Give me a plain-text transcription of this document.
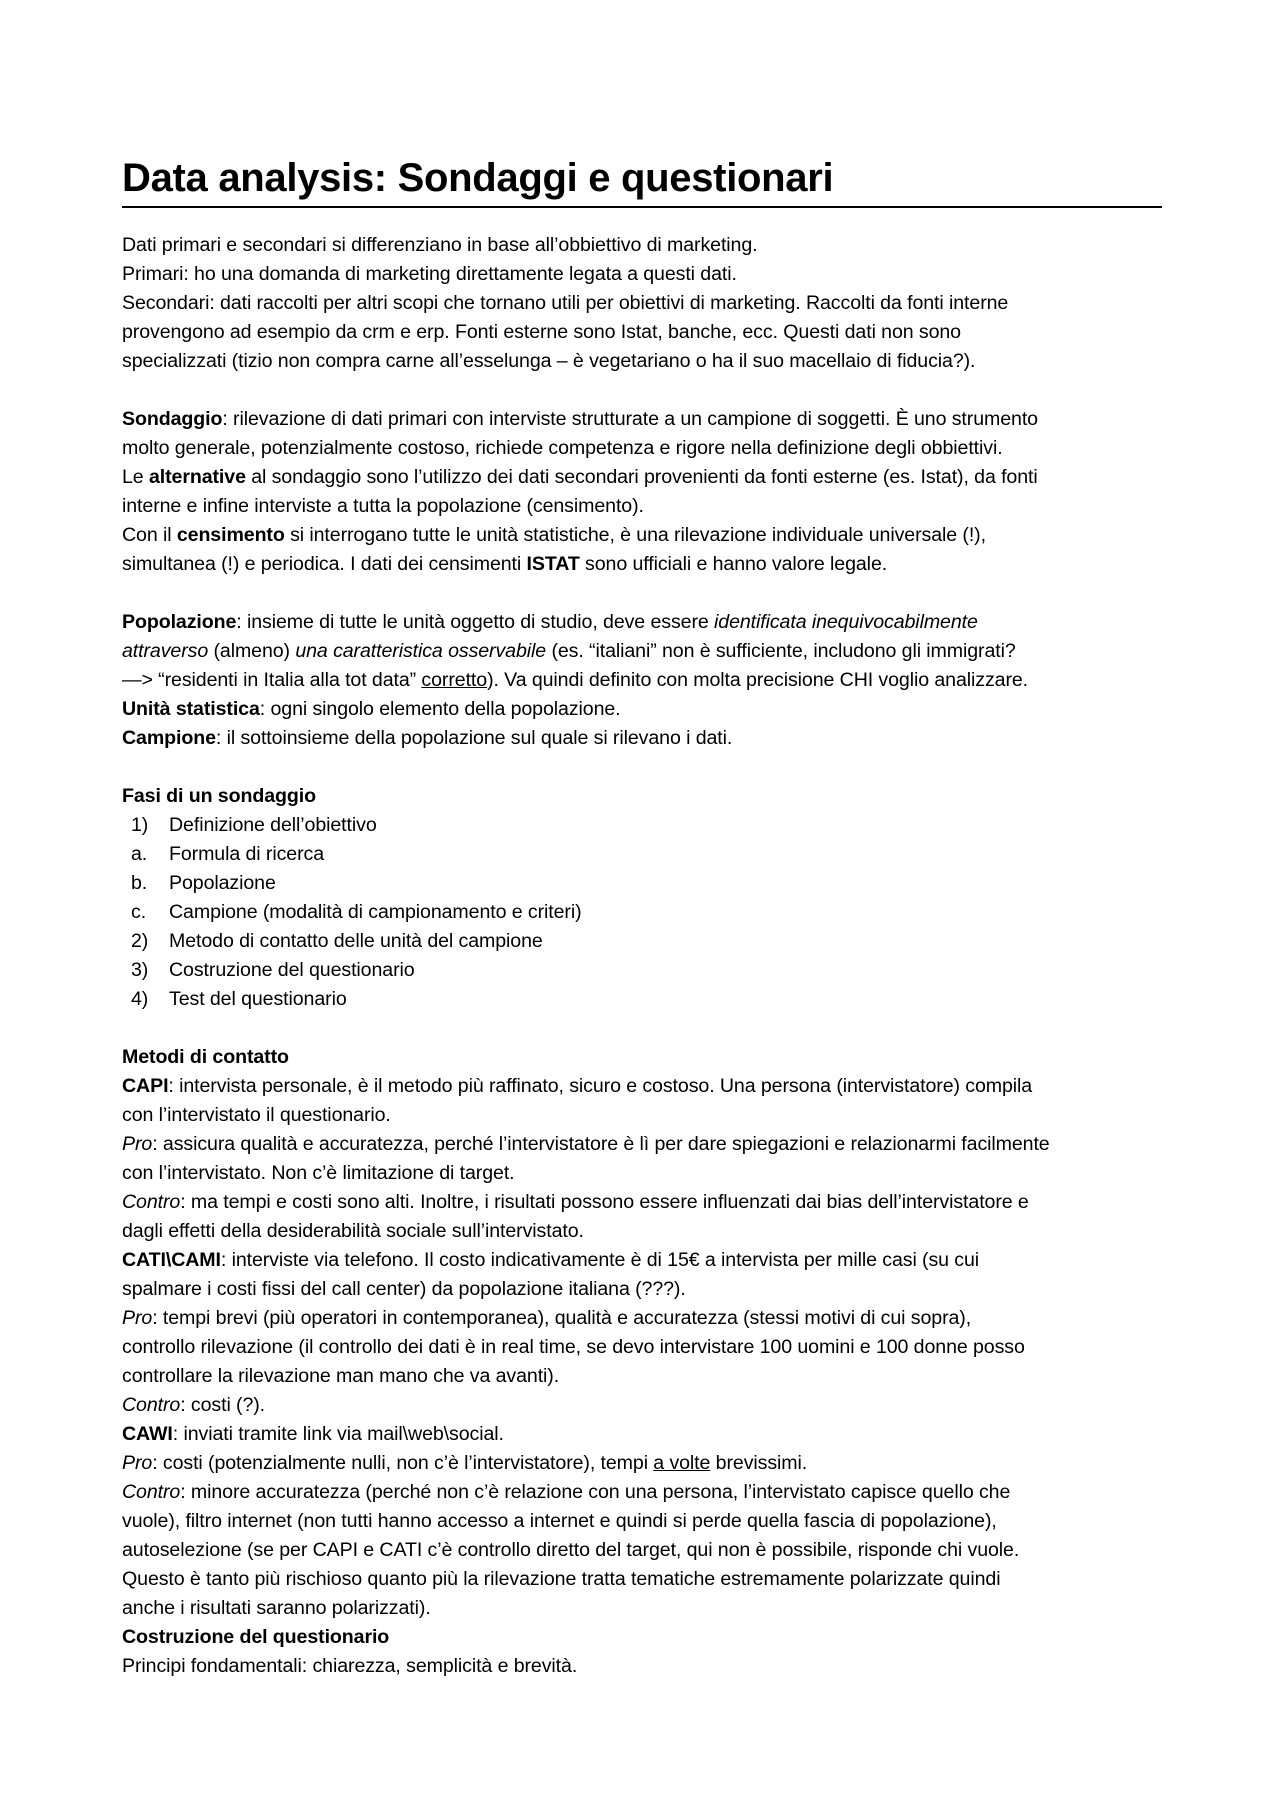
Data analysis: Sondaggi e questionari
Dati primari e secondari si differenziano in base all’obbiettivo di marketing.
Primari: ho una domanda di marketing direttamente legata a questi dati.
Secondari: dati raccolti per altri scopi che tornano utili per obiettivi di marketing. Raccolti da fonti interne
provengono ad esempio da crm e erp. Fonti esterne sono Istat, banche, ecc. Questi dati non sono
specializzati (tizio non compra carne all’esselunga – è vegetariano o ha il suo macellaio di fiducia?).
Sondaggio: rilevazione di dati primari con interviste strutturate a un campione di soggetti. È uno strumento
molto generale, potenzialmente costoso, richiede competenza e rigore nella definizione degli obbiettivi.
Le alternative al sondaggio sono l’utilizzo dei dati secondari provenienti da fonti esterne (es. Istat), da fonti
interne e infine interviste a tutta la popolazione (censimento).
Con il censimento si interrogano tutte le unità statistiche, è una rilevazione individuale universale (!),
simultanea (!) e periodica. I dati dei censimenti ISTAT sono ufficiali e hanno valore legale.
Popolazione: insieme di tutte le unità oggetto di studio, deve essere identificata inequivocabilmente
attraverso (almeno) una caratteristica osservabile (es. “italiani” non è sufficiente, includono gli immigrati?
—> “residenti in Italia alla tot data” corretto). Va quindi definito con molta precisione CHI voglio analizzare.
Unità statistica: ogni singolo elemento della popolazione.
Campione: il sottoinsieme della popolazione sul quale si rilevano i dati.
Fasi di un sondaggio
1)	Definizione dell’obiettivo
a.	Formula di ricerca
b.	Popolazione
c.	Campione (modalità di campionamento e criteri)
2)	Metodo di contatto delle unità del campione
3)	Costruzione del questionario
4)	Test del questionario
Metodi di contatto
CAPI: intervista personale, è il metodo più raffinato, sicuro e costoso. Una persona (intervistatore) compila
con l’intervistato il questionario.
Pro: assicura qualità e accuratezza, perché l’intervistatore è lì per dare spiegazioni e relazionarmi facilmente
con l’intervistato. Non c’è limitazione di target.
Contro: ma tempi e costi sono alti. Inoltre, i risultati possono essere influenzati dai bias dell’intervistatore e
dagli effetti della desiderabilità sociale sull’intervistato.
CATI\CAMI: interviste via telefono. Il costo indicativamente è di 15€ a intervista per mille casi (su cui
spalmare i costi fissi del call center) da popolazione italiana (???).
Pro: tempi brevi (più operatori in contemporanea), qualità e accuratezza (stessi motivi di cui sopra),
controllo rilevazione (il controllo dei dati è in real time, se devo intervistare 100 uomini e 100 donne posso
controllare la rilevazione man mano che va avanti).
Contro: costi (?).
CAWI: inviati tramite link via mail\web\social.
Pro: costi (potenzialmente nulli, non c’è l’intervistatore), tempi a volte brevissimi.
Contro: minore accuratezza (perché non c’è relazione con una persona, l’intervistato capisce quello che
vuole), filtro internet (non tutti hanno accesso a internet e quindi si perde quella fascia di popolazione),
autoselezione (se per CAPI e CATI c’è controllo diretto del target, qui non è possibile, risponde chi vuole.
Questo è tanto più rischioso quanto più la rilevazione tratta tematiche estremamente polarizzate quindi
anche i risultati saranno polarizzati).
Costruzione del questionario
Principi fondamentali: chiarezza, semplicità e brevità.
